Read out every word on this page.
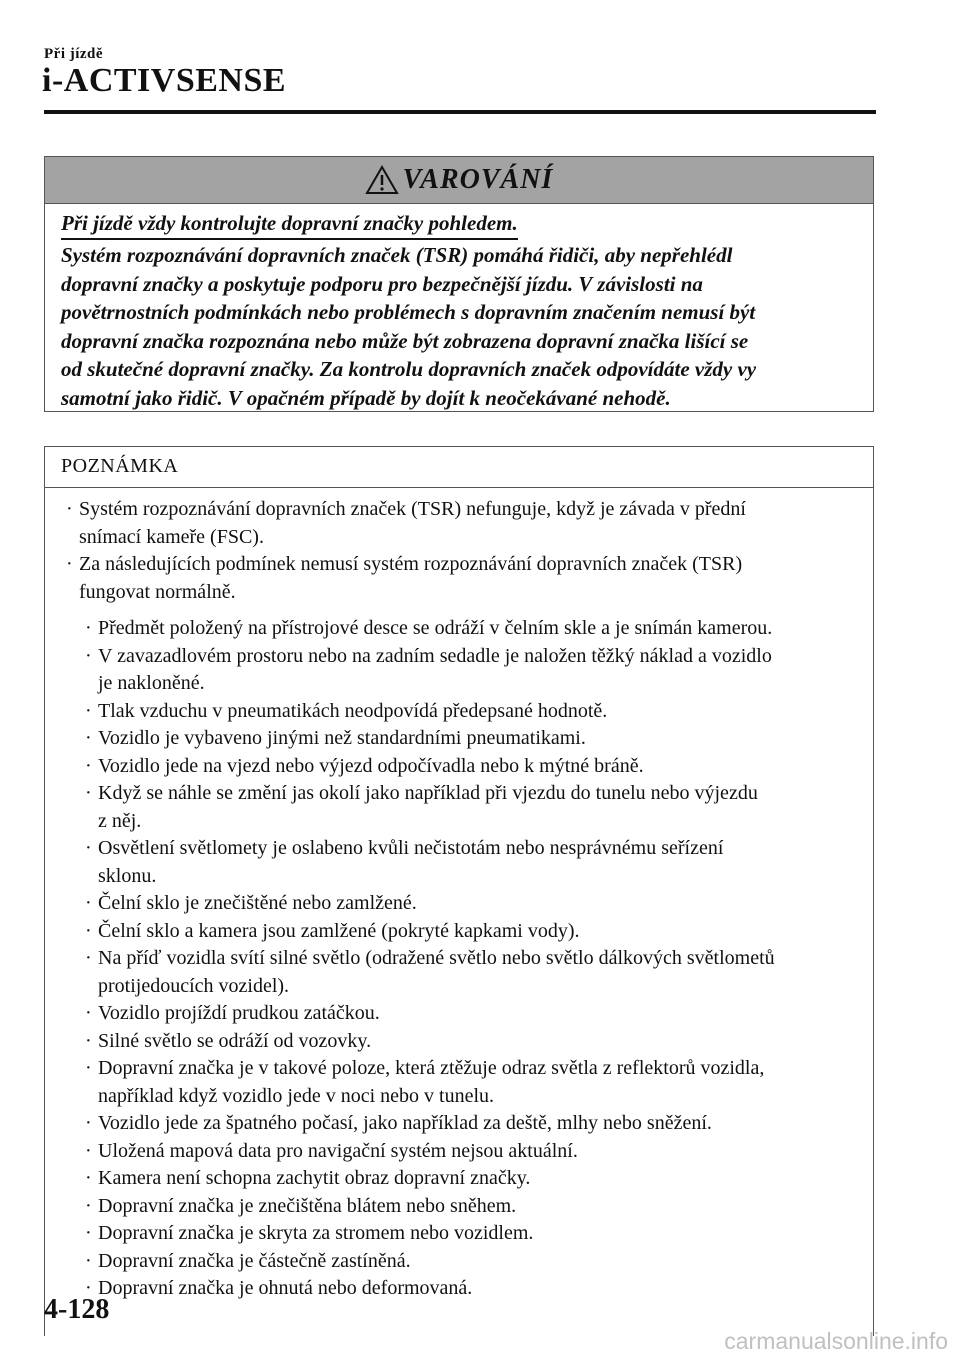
Při jízdě
i-ACTIVSENSE
VAROVÁNÍ
Při jízdě vždy kontrolujte dopravní značky pohledem.
Systém rozpoznávání dopravních značek (TSR) pomáhá řidiči, aby nepřehlédl
dopravní značky a poskytuje podporu pro bezpečnější jízdu. V závislosti na
povětrnostních podmínkách nebo problémech s dopravním značením nemusí být
dopravní značka rozpoznána nebo může být zobrazena dopravní značka lišící se
od skutečné dopravní značky. Za kontrolu dopravních značek odpovídáte vždy vy
samotní jako řidič. V opačném případě by dojít k neočekávané nehodě.
POZNÁMKA
· Systém rozpoznávání dopravních značek (TSR) nefunguje, když je závada v přední
snímací kameře (FSC).
· Za následujících podmínek nemusí systém rozpoznávání dopravních značek (TSR)
fungovat normálně.
· Předmět položený na přístrojové desce se odráží v čelním skle a je snímán kamerou.
· V zavazadlovém prostoru nebo na zadním sedadle je naložen těžký náklad a vozidlo
je nakloněné.
· Tlak vzduchu v pneumatikách neodpovídá předepsané hodnotě.
· Vozidlo je vybaveno jinými než standardními pneumatikami.
· Vozidlo jede na vjezd nebo výjezd odpočívadla nebo k mýtné bráně.
· Když se náhle se změní jas okolí jako například při vjezdu do tunelu nebo výjezdu
z něj.
· Osvětlení světlomety je oslabeno kvůli nečistotám nebo nesprávnému seřízení
sklonu.
· Čelní sklo je znečištěné nebo zamlžené.
· Čelní sklo a kamera jsou zamlžené (pokryté kapkami vody).
· Na příď vozidla svítí silné světlo (odražené světlo nebo světlo dálkových světlometů
protijedoucích vozidel).
· Vozidlo projíždí prudkou zatáčkou.
· Silné světlo se odráží od vozovky.
· Dopravní značka je v takové poloze, která ztěžuje odraz světla z reflektorů vozidla,
například když vozidlo jede v noci nebo v tunelu.
· Vozidlo jede za špatného počasí, jako například za deště, mlhy nebo sněžení.
· Uložená mapová data pro navigační systém nejsou aktuální.
· Kamera není schopna zachytit obraz dopravní značky.
· Dopravní značka je znečištěna blátem nebo sněhem.
· Dopravní značka je skryta za stromem nebo vozidlem.
· Dopravní značka je částečně zastíněná.
· Dopravní značka je ohnutá nebo deformovaná.
4-128
carmanualsonline.info
